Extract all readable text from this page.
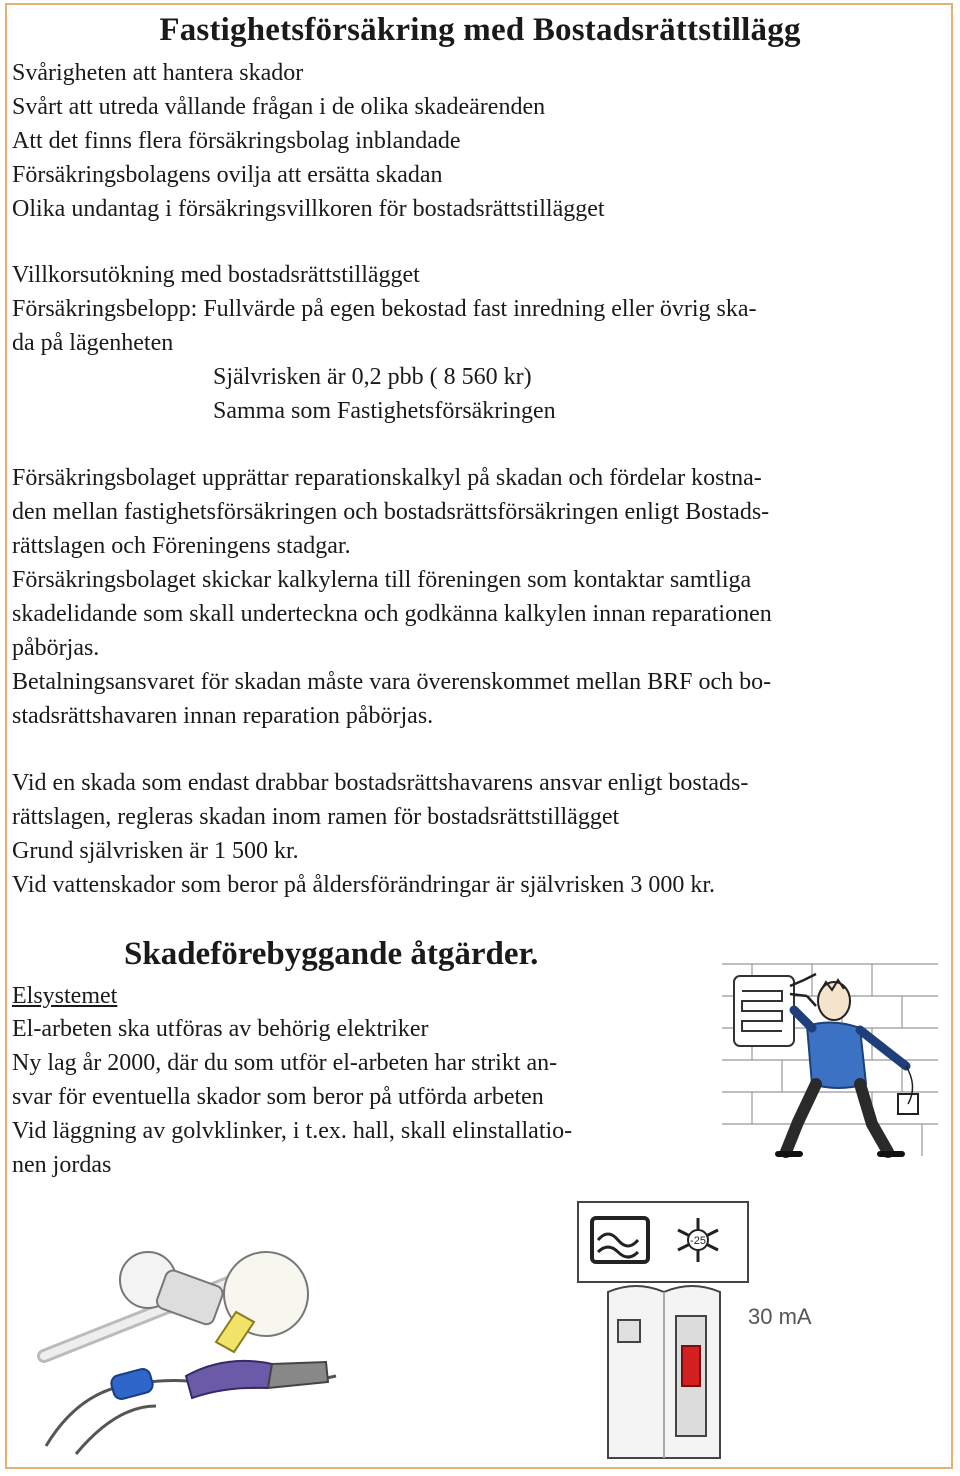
Fastighetsförsäkring med Bostadsrättstillägg

Svårigheten att hantera skador

Svårt att utreda vållande frågan i de olika skadeärenden

Att det finns flera försäkringsbolag inblandade

Försäkringsbolagens ovilja att ersätta skadan

Olika undantag i försäkringsvillkoren för bostadsrättstillägget

Villkorsutökning med bostadsrättstillägget

Försäkringsbelopp: Fullvärde på egen bekostad fast inredning eller övrig ska-

da på lägenheten

Självrisken är 0,2 pbb ( 8 560 kr)

Samma som Fastighetsförsäkringen

Försäkringsbolaget upprättar reparationskalkyl på skadan och fördelar kostna-

den mellan fastighetsförsäkringen och bostadsrättsförsäkringen enligt Bostads-

rättslagen och Föreningens stadgar.

Försäkringsbolaget skickar kalkylerna till föreningen som kontaktar samtliga

skadelidande som skall underteckna och godkänna kalkylen innan reparationen

påbörjas.

Betalningsansvaret för skadan måste vara överenskommet mellan BRF och bo-

stadsrättshavaren innan reparation påbörjas.

Vid en skada som endast drabbar bostadsrättshavarens ansvar enligt bostads-

rättslagen, regleras skadan inom ramen för bostadsrättstillägget

Grund självrisken är 1 500 kr.

Vid vattenskador som beror på åldersförändringar är självrisken 3 000 kr.

Skadeförebyggande åtgärder.

Elsystemet

El-arbeten ska utföras av behörig elektriker

Ny lag år 2000, där du som utför el-arbeten har strikt an-

svar för eventuella skador som beror på utförda arbeten

Vid läggning av golvklinker, i t.ex. hall, skall elinstallatio-

nen jordas

-25
30 mA
